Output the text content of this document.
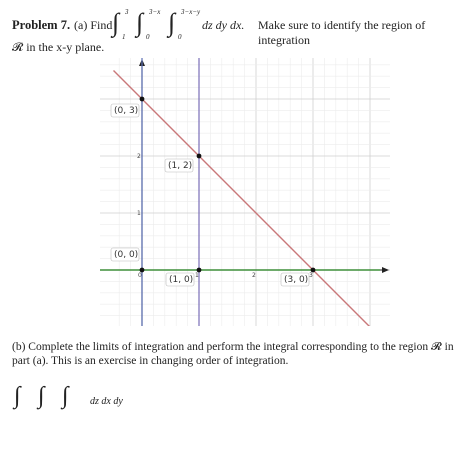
Problem 7. (a) Find ∫ 3
1 ∫ 3−x
0 ∫ 3−x−y
0
dz dy dx. Make sure to identify the region of integration
𝓡 in the x-y plane.
0	1	2	3
1
2
(0, 3)
(1, 2)
(0, 0)
(1, 0)	(3, 0)
(b) Complete the limits of integration and perform the integral corresponding to the region 𝓡 in
part (a). This is an exercise in changing order of integration.
∫ ∫ ∫ dz dx dy
